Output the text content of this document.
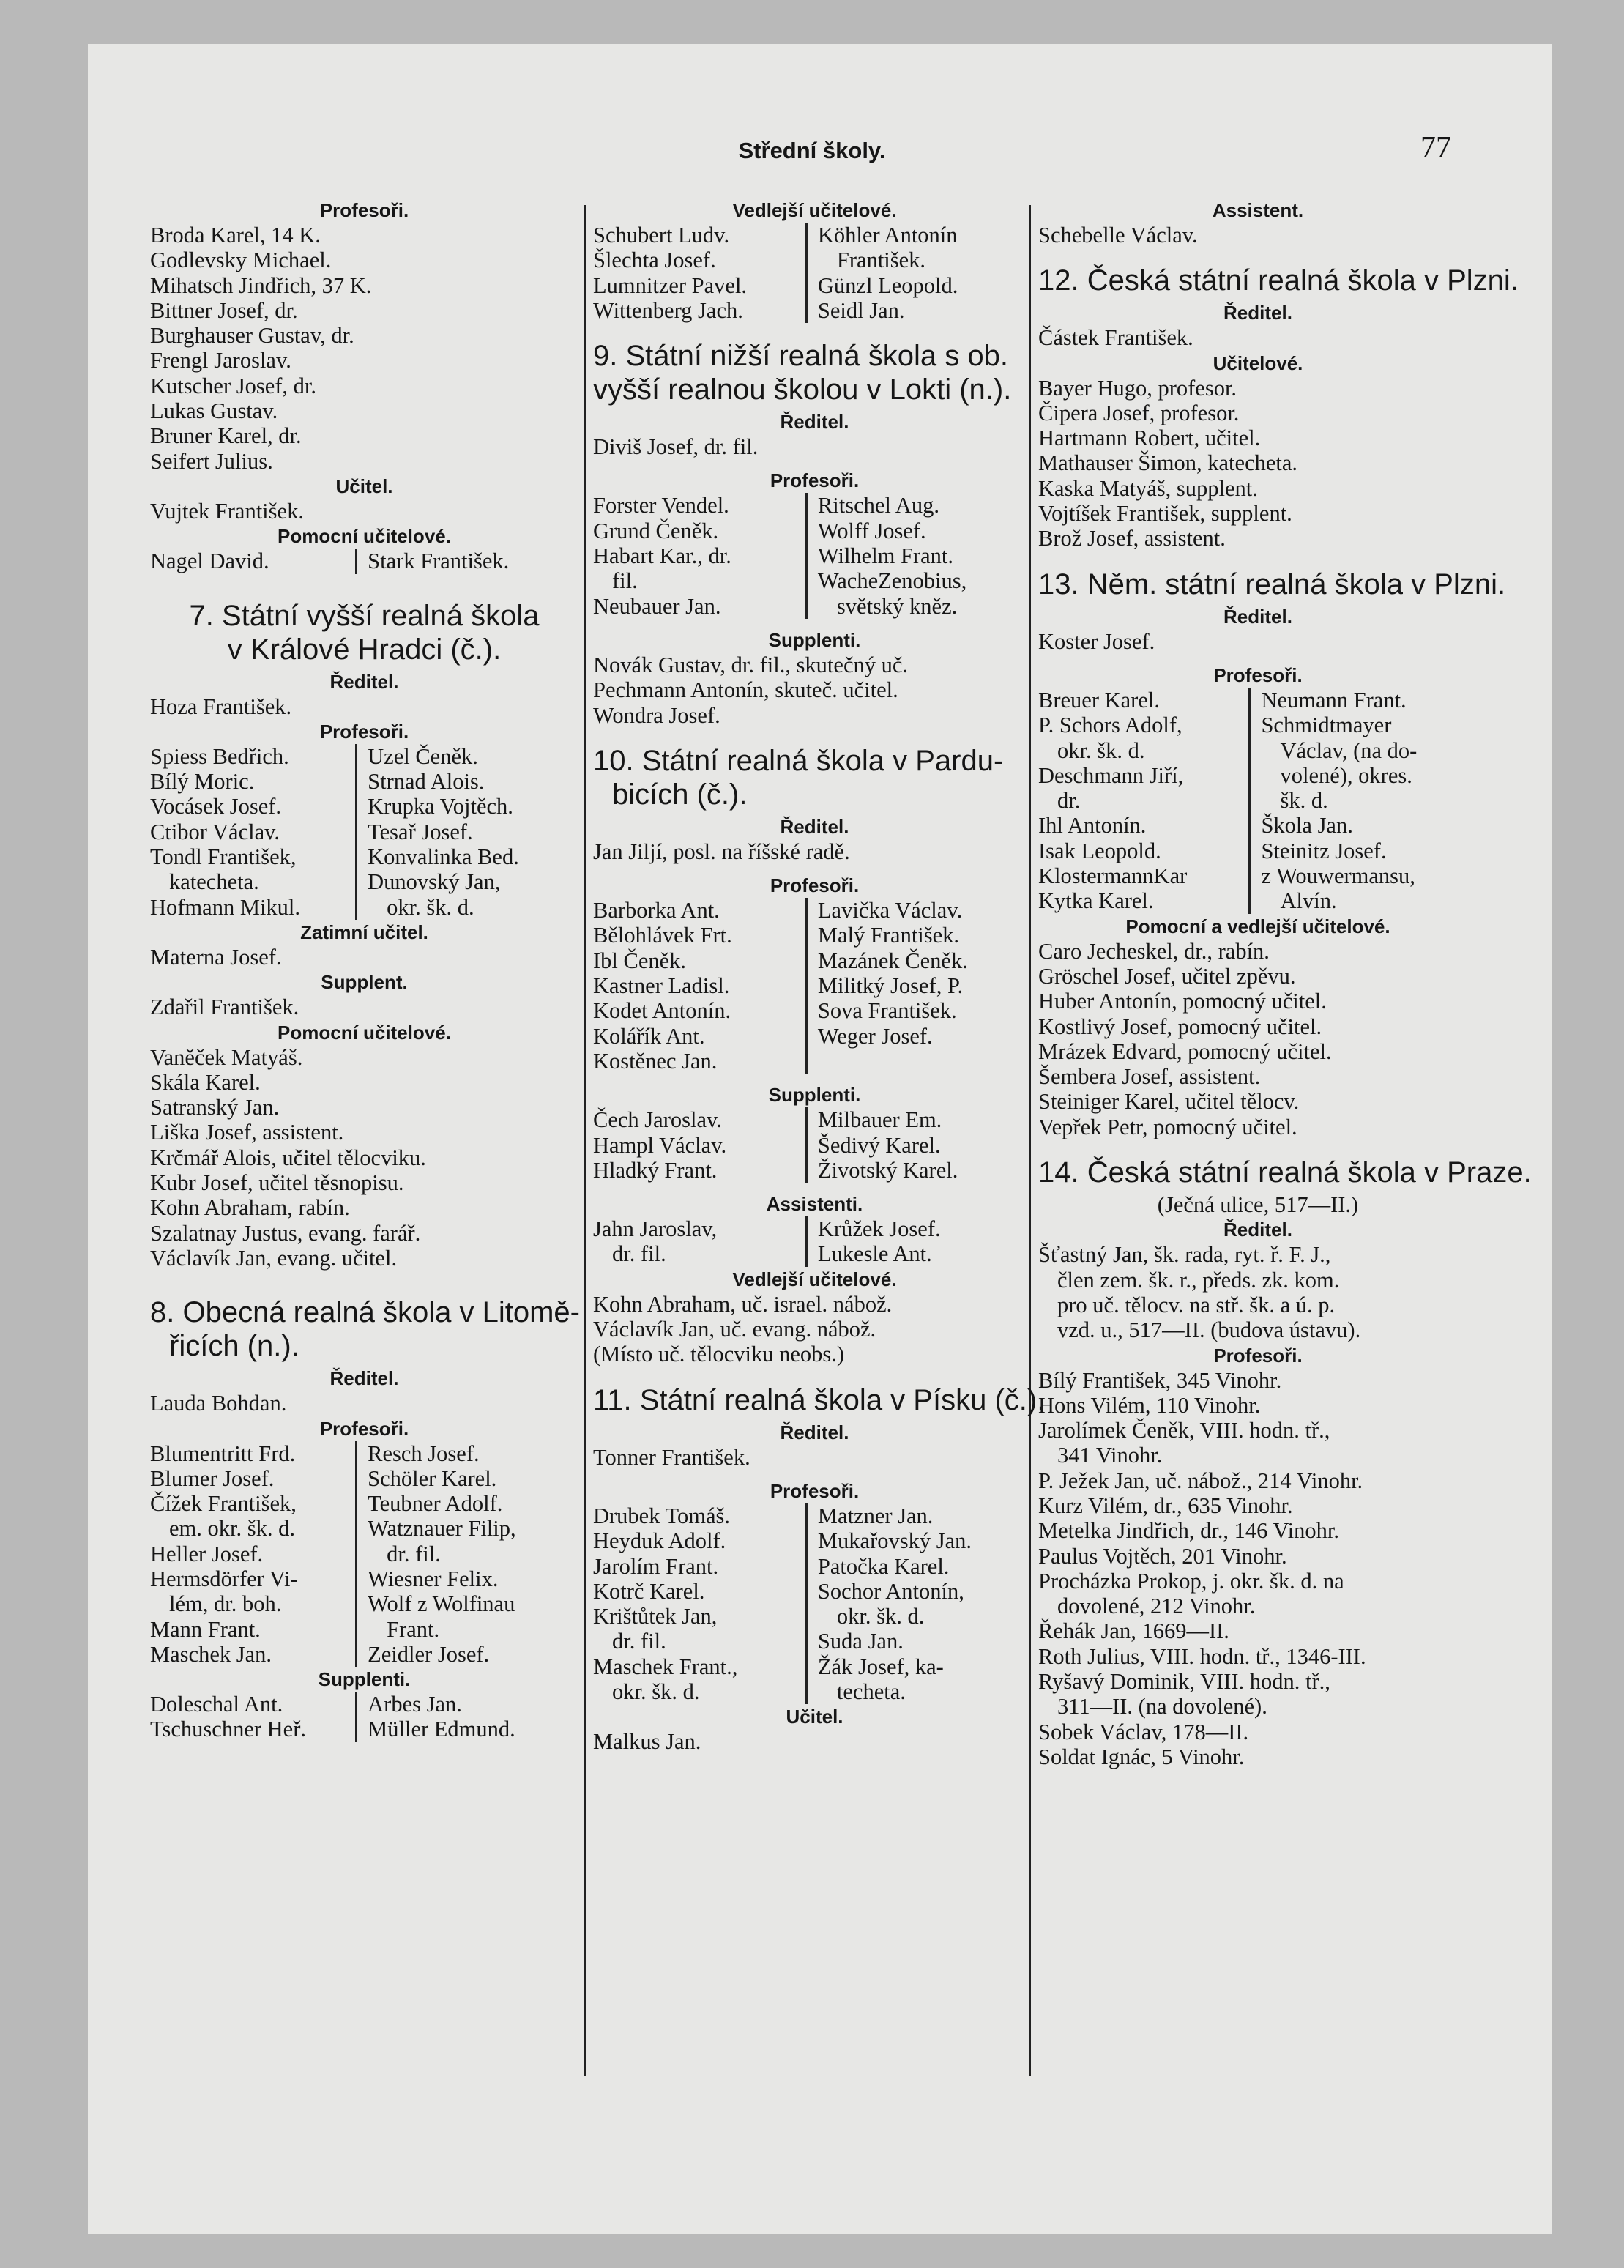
Střední školy.	77
Profesoři.
Broda Karel, 14 K.
Godlevsky Michael.
Mihatsch Jindřich, 37 K.
Bittner Josef, dr.
Burghauser Gustav, dr.
Frengl Jaroslav.
Kutscher Josef, dr.
Lukas Gustav.
Bruner Karel, dr.
Seifert Julius.
Učitel.
Vujtek František.
Pomocní učitelové.
Nagel David.	Stark František.
7. Státní vyšší realná škola
v Králové Hradci (č.).
Ředitel.
Hoza František.
Profesoři.
Spiess Bedřich.
Bílý Moric.
Vocásek Josef.
Ctibor Václav.
Tondl František,
katecheta.
Hofmann Mikul.
Uzel Čeněk.
Strnad Alois.
Krupka Vojtěch.
Tesař Josef.
Konvalinka Bed.
Dunovský Jan,
okr. šk. d.
Zatimní učitel.
Materna Josef.
Supplent.
Zdařil František.
Pomocní učitelové.
Vaněček Matyáš.
Skála Karel.
Satranský Jan.
Liška Josef, assistent.
Krčmář Alois, učitel tělocviku.
Kubr Josef, učitel těsnopisu.
Kohn Abraham, rabín.
Szalatnay Justus, evang. farář.
Václavík Jan, evang. učitel.
8. Obecná realná škola v Litomě-
řicích (n.).
Ředitel.
Lauda Bohdan.
Profesoři.
Blumentritt Frd.
Blumer Josef.
Čížek František,
em. okr. šk. d.
Heller Josef.
Hermsdörfer Vi-
lém, dr. boh.
Mann Frant.
Maschek Jan.
Resch Josef.
Schöler Karel.
Teubner Adolf.
Watznauer Filip,
dr. fil.
Wiesner Felix.
Wolf z Wolfinau
Frant.
Zeidler Josef.
Supplenti.
Doleschal Ant.
Tschuschner Heř.
Arbes Jan.
Müller Edmund.
Vedlejší učitelové.
Schubert Ludv.
Šlechta Josef.
Lumnitzer Pavel.
Wittenberg Jach.
Köhler Antonín
František.
Günzl Leopold.
Seidl Jan.
9. Státní nižší realná škola s ob.
vyšší realnou školou v Lokti (n.).
Ředitel.
Diviš Josef, dr. fil.
Profesoři.
Forster Vendel.
Grund Čeněk.
Habart Kar., dr.
fil.
Neubauer Jan.
Ritschel Aug.
Wolff Josef.
Wilhelm Frant.
WacheZenobius,
světský kněz.
Supplenti.
Novák Gustav, dr. fil., skutečný uč.
Pechmann Antonín, skuteč. učitel.
Wondra Josef.
10. Státní realná škola v Pardu-
bicích (č.).
Ředitel.
Jan Jiljí, posl. na říšské radě.
Profesoři.
Barborka Ant.
Bělohlávek Frt.
Ibl Čeněk.
Kastner Ladisl.
Kodet Antonín.
Kolářík Ant.
Kostěnec Jan.
Lavička Václav.
Malý František.
Mazánek Čeněk.
Militký Josef, P.
Sova František.
Weger Josef.
Supplenti.
Čech Jaroslav.
Hampl Václav.
Hladký Frant.
Milbauer Em.
Šedivý Karel.
Životský Karel.
Assistenti.
Jahn Jaroslav,
dr. fil.
Krůžek Josef.
Lukesle Ant.
Vedlejší učitelové.
Kohn Abraham, uč. israel. nábož.
Václavík Jan, uč. evang. nábož.
(Místo uč. tělocviku neobs.)
11. Státní realná škola v Písku (č.).
Ředitel.
Tonner František.
Profesoři.
Drubek Tomáš.
Heyduk Adolf.
Jarolím Frant.
Kotrč Karel.
Krištůtek Jan,
dr. fil.
Maschek Frant.,
okr. šk. d.
Matzner Jan.
Mukařovský Jan.
Patočka Karel.
Sochor Antonín,
okr. šk. d.
Suda Jan.
Žák Josef, ka-
techeta.
Učitel.
Malkus Jan.
Assistent.
Schebelle Václav.
12. Česká státní realná škola v Plzni.
Ředitel.
Částek František.
Učitelové.
Bayer Hugo, profesor.
Čipera Josef, profesor.
Hartmann Robert, učitel.
Mathauser Šimon, katecheta.
Kaska Matyáš, supplent.
Vojtíšek František, supplent.
Brož Josef, assistent.
13. Něm. státní realná škola v Plzni.
Ředitel.
Koster Josef.
Profesoři.
Breuer Karel.
P. Schors Adolf,
okr. šk. d.
Deschmann Jiří,
dr.
Ihl Antonín.
Isak Leopold.
KlostermannKar
Kytka Karel.
Neumann Frant.
Schmidtmayer
Václav, (na do-
volené), okres.
šk. d.
Škola Jan.
Steinitz Josef.
z Wouwermansu,
Alvín.
Pomocní a vedlejší učitelové.
Caro Jecheskel, dr., rabín.
Gröschel Josef, učitel zpěvu.
Huber Antonín, pomocný učitel.
Kostlivý Josef, pomocný učitel.
Mrázek Edvard, pomocný učitel.
Šembera Josef, assistent.
Steiniger Karel, učitel tělocv.
Vepřek Petr, pomocný učitel.
14. Česká státní realná škola v Praze.
(Ječná ulice, 517—II.)
Ředitel.
Šťastný Jan, šk. rada, ryt. ř. F. J.,
člen zem. šk. r., předs. zk. kom.
pro uč. tělocv. na stř. šk. a ú. p.
vzd. u., 517—II. (budova ústavu).
Profesoři.
Bílý František, 345 Vinohr.
Hons Vilém, 110 Vinohr.
Jarolímek Čeněk, VIII. hodn. tř.,
341 Vinohr.
P. Ježek Jan, uč. nábož., 214 Vinohr.
Kurz Vilém, dr., 635 Vinohr.
Metelka Jindřich, dr., 146 Vinohr.
Paulus Vojtěch, 201 Vinohr.
Procházka Prokop, j. okr. šk. d. na
dovolené, 212 Vinohr.
Řehák Jan, 1669—II.
Roth Julius, VIII. hodn. tř., 1346-III.
Ryšavý Dominik, VIII. hodn. tř.,
311—II. (na dovolené).
Sobek Václav, 178—II.
Soldat Ignác, 5 Vinohr.
